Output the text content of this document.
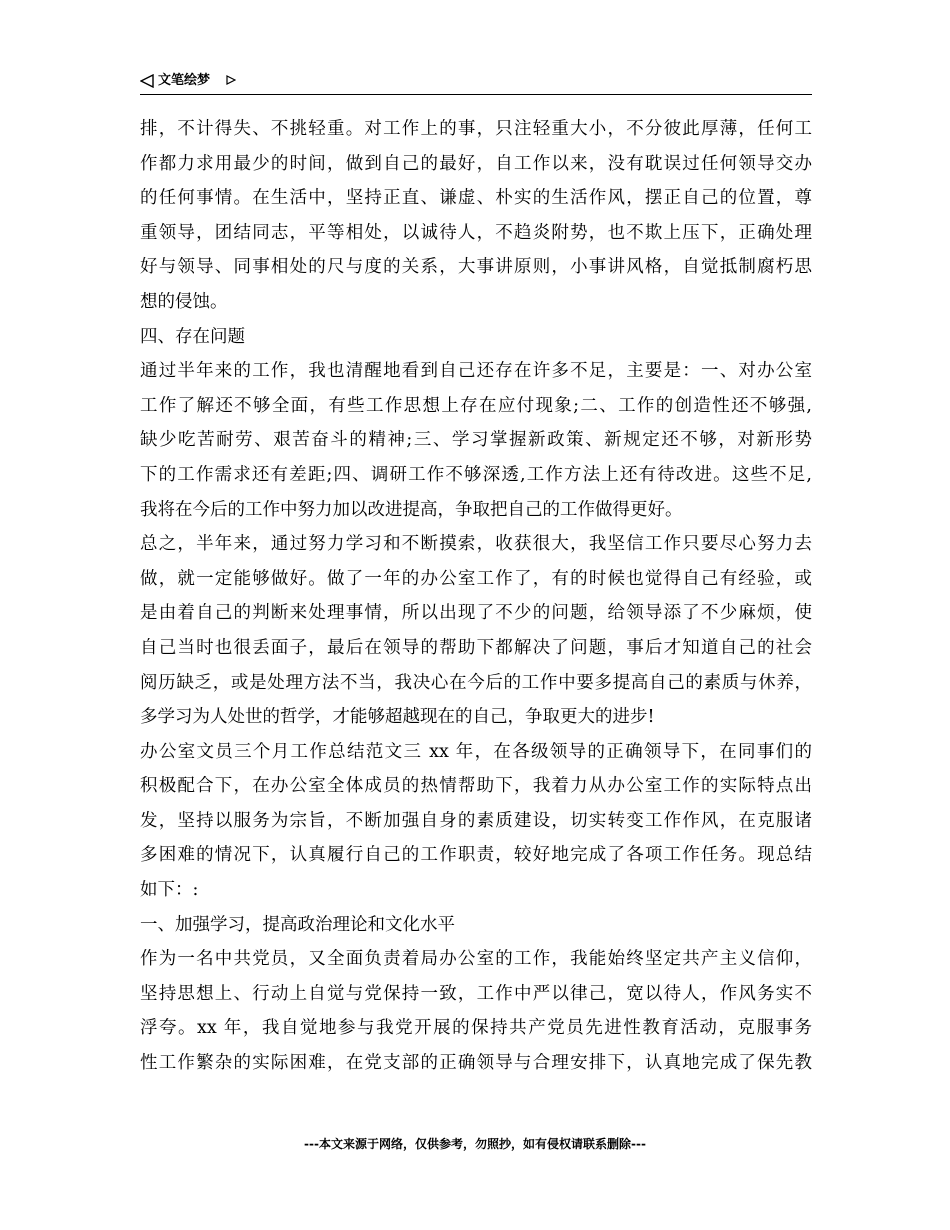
文笔绘梦
排，不计得失、不挑轻重。对工作上的事，只注轻重大小，不分彼此厚薄，任何工
作都力求用最少的时间，做到自己的最好，自工作以来，没有耽误过任何领导交办
的任何事情。在生活中，坚持正直、谦虚、朴实的生活作风，摆正自己的位置，尊
重领导，团结同志，平等相处，以诚待人，不趋炎附势，也不欺上压下，正确处理
好与领导、同事相处的尺与度的关系，大事讲原则，小事讲风格，自觉抵制腐朽思
想的侵蚀。
四、存在问题
通过半年来的工作，我也清醒地看到自己还存在许多不足，主要是：一、对办公室
工作了解还不够全面，有些工作思想上存在应付现象;二、工作的创造性还不够强,
缺少吃苦耐劳、艰苦奋斗的精神;三、学习掌握新政策、新规定还不够，对新形势
下的工作需求还有差距;四、调研工作不够深透,工作方法上还有待改进。这些不足,
我将在今后的工作中努力加以改进提高，争取把自己的工作做得更好。
总之，半年来，通过努力学习和不断摸索，收获很大，我坚信工作只要尽心努力去
做，就一定能够做好。做了一年的办公室工作了，有的时候也觉得自己有经验，或
是由着自己的判断来处理事情，所以出现了不少的问题，给领导添了不少麻烦，使
自己当时也很丢面子，最后在领导的帮助下都解决了问题，事后才知道自己的社会
阅历缺乏，或是处理方法不当，我决心在今后的工作中要多提高自己的素质与休养，
多学习为人处世的哲学，才能够超越现在的自己，争取更大的进步!
办公室文员三个月工作总结范文三 xx 年，在各级领导的正确领导下，在同事们的
积极配合下，在办公室全体成员的热情帮助下，我着力从办公室工作的实际特点出
发，坚持以服务为宗旨，不断加强自身的素质建设，切实转变工作作风，在克服诸
多困难的情况下，认真履行自己的工作职责，较好地完成了各项工作任务。现总结
如下：:
一、加强学习，提高政治理论和文化水平
作为一名中共党员，又全面负责着局办公室的工作，我能始终坚定共产主义信仰，
坚持思想上、行动上自觉与党保持一致，工作中严以律己，宽以待人，作风务实不
浮夸。xx 年，我自觉地参与我党开展的保持共产党员先进性教育活动，克服事务
性工作繁杂的实际困难，在党支部的正确领导与合理安排下，认真地完成了保先教
---本文来源于网络，仅供参考，勿照抄，如有侵权请联系删除---
